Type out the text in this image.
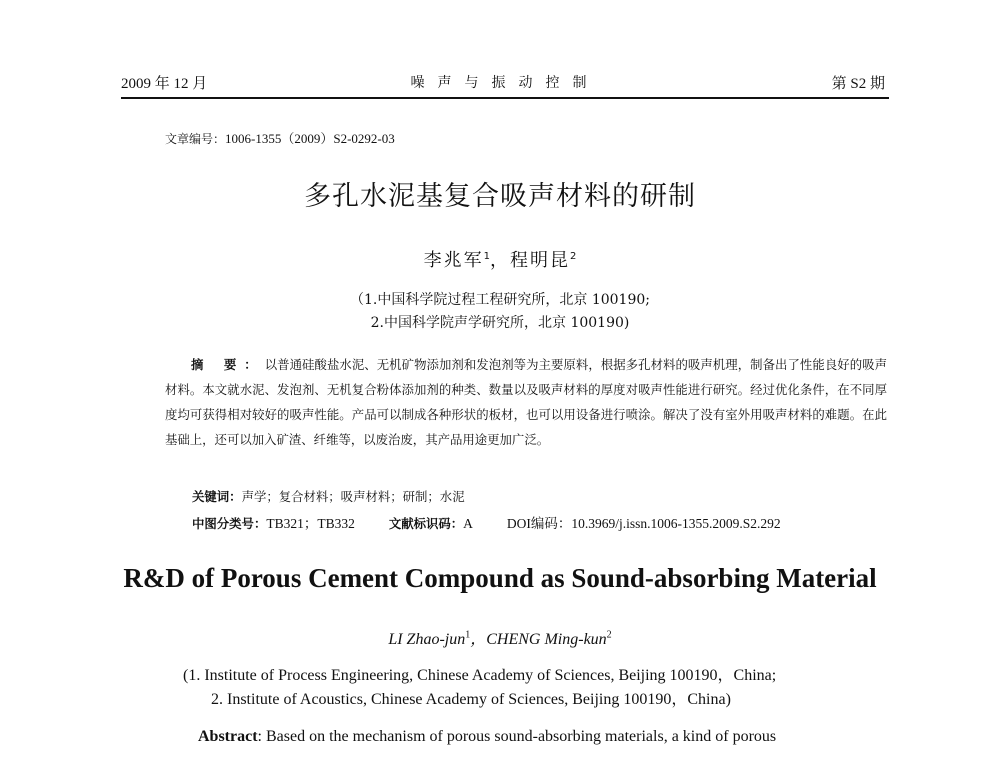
2009 年 12 月	噪声与振动控制	第 S2 期
文章编号：1006-1355（2009）S2-0292-03
多孔水泥基复合吸声材料的研制
李兆军$^1$，程明昆$^2$
（1.中国科学院过程工程研究所，北京 100190;
2.中国科学院声学研究所，北京 100190)
摘 要：以普通硅酸盐水泥、无机矿物添加剂和发泡剂等为主要原料，根据多孔材料的吸声机理，制备出了性能良好的吸声材料。本文就水泥、发泡剂、无机复合粉体添加剂的种类、数量以及吸声材料的厚度对吸声性能进行研究。经过优化条件，在不同厚度均可获得相对较好的吸声性能。产品可以制成各种形状的板材，也可以用设备进行喷涂。解决了没有室外用吸声材料的难题。在此基础上，还可以加入矿渣、纤维等，以废治废，其产品用途更加广泛。
关键词：声学；复合材料；吸声材料；研制；水泥
中图分类号：TB321；TB332	文献标识码：A	DOI编码：10.3969/j.issn.1006-1355.2009.S2.292
R&D of Porous Cement Compound as Sound-absorbing Material
LI Zhao-jun$^1$，CHENG Ming-kun$^2$
(1. Institute of Process Engineering, Chinese Academy of Sciences, Beijing 100190，China;
2. Institute of Acoustics, Chinese Academy of Sciences, Beijing 100190，China)
Abstract: Based on the mechanism of porous sound-absorbing materials, a kind of porous
